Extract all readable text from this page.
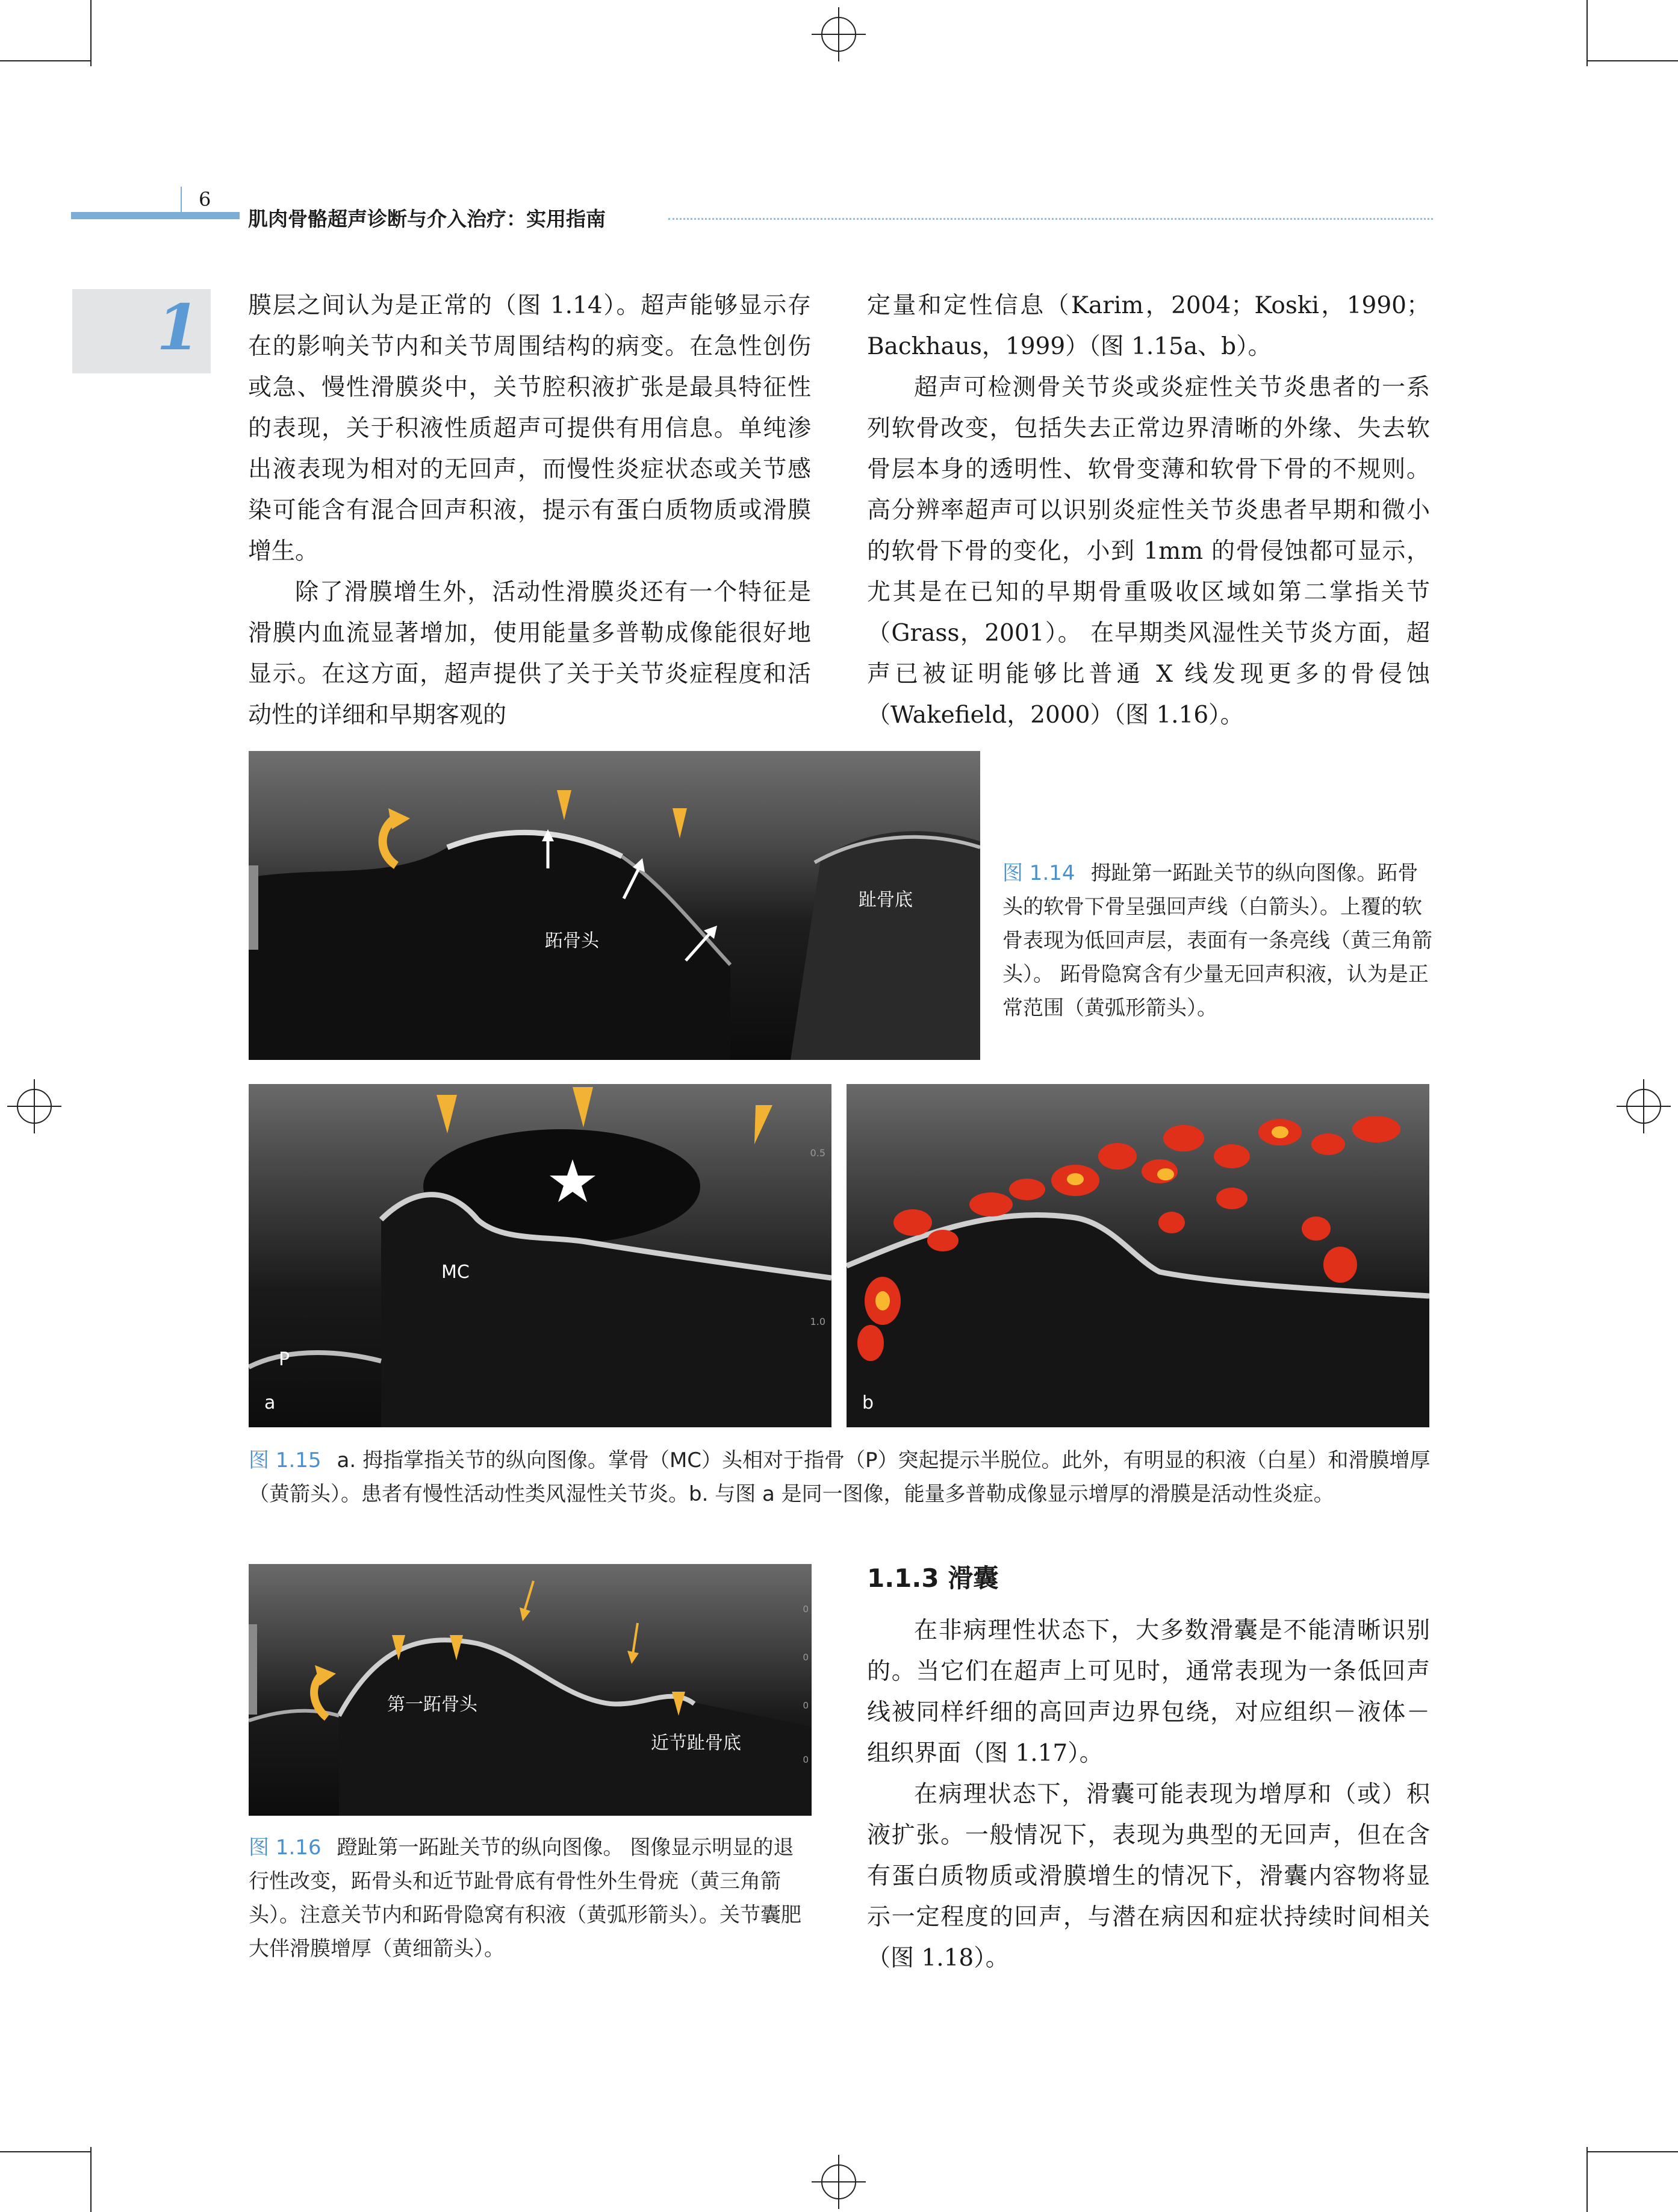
6
肌肉骨骼超声诊断与介入治疗：实用指南
1 膜层之间认为是正常的（图 1.14）。超声能够显示存在的影响关节内和关节周围结构的病变。在急性创伤或急、慢性滑膜炎中，关节腔积液扩张是最具特征性的表现，关于积液性质超声可提供有用信息。单纯渗出液表现为相对的无回声，而慢性炎症状态或关节感染可能含有混合回声积液，提示有蛋白质物质或滑膜增生。

除了滑膜增生外，活动性滑膜炎还有一个特征是滑膜内血流显著增加，使用能量多普勒成像能很好地显示。在这方面，超声提供了关于关节炎症程度和活动性的详细和早期客观的

定量和定性信息（Karim，2004；Koski，1990；Backhaus，1999）（图 1.15a、b）。

超声可检测骨关节炎或炎症性关节炎患者的一系列软骨改变，包括失去正常边界清晰的外缘、失去软骨层本身的透明性、软骨变薄和软骨下骨的不规则。 高分辨率超声可以识别炎症性关节炎患者早期和微小的软骨下骨的变化，小到 1mm 的骨侵蚀都可显示，尤其是在已知的早期骨重吸收区域如第二掌指关节（Grass，2001）。 在早期类风湿性关节炎方面，超声已被证明能够比普通 X 线发现更多的骨侵蚀（Wakefield，2000）（图 1.16）。

跖骨头
趾骨底
图 1.14 拇趾第一跖趾关节的纵向图像。跖骨头的软骨下骨呈强回声线（白箭头）。上覆的软骨表现为低回声层，表面有一条亮线（黄三角箭头）。 跖骨隐窝含有少量无回声积液，认为是正常范围（黄弧形箭头）。
0.5
1.0
MC
P
a	b
图 1.15 a. 拇指掌指关节的纵向图像。掌骨（MC）头相对于指骨（P）突起提示半脱位。此外，有明显的积液（白星）和滑膜增厚（黄箭头）。患者有慢性活动性类风湿性关节炎。b. 与图 a 是同一图像，能量多普勒成像显示增厚的滑膜是活动性炎症。
0
0
0
0
第一跖骨头
近节趾骨底
图 1.16 蹬趾第一跖趾关节的纵向图像。 图像显示明显的退行性改变，跖骨头和近节趾骨底有骨性外生骨疣（黄三角箭头）。注意关节内和跖骨隐窝有积液（黄弧形箭头）。关节囊肥大伴滑膜增厚（黄细箭头）。
1.1.3 滑囊

在非病理性状态下，大多数滑囊是不能清晰识别的。当它们在超声上可见时，通常表现为一条低回声线被同样纤细的高回声边界包绕，对应组织－液体－组织界面（图 1.17）。

在病理状态下，滑囊可能表现为增厚和（或）积液扩张。一般情况下，表现为典型的无回声，但在含有蛋白质物质或滑膜增生的情况下，滑囊内容物将显示一定程度的回声，与潜在病因和症状持续时间相关（图 1.18）。
